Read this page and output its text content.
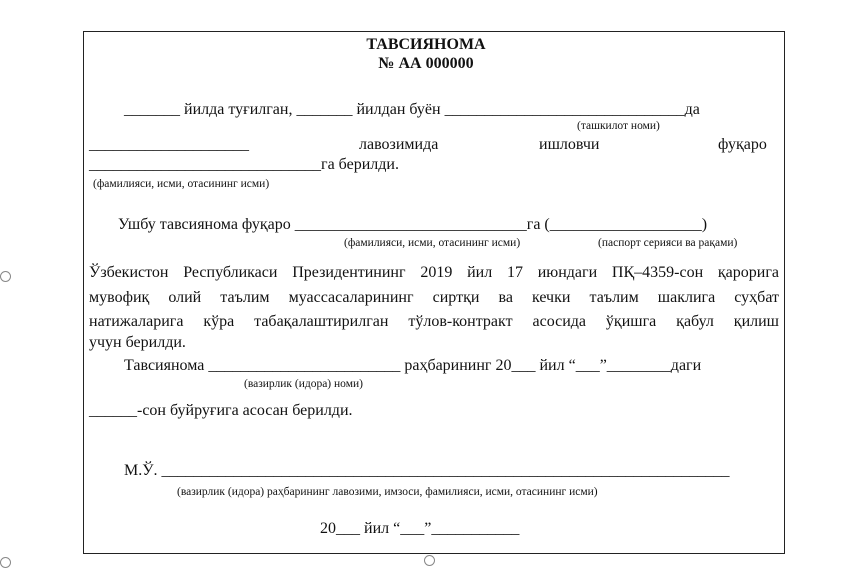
ТАВСИЯНОМА
№ АА 000000
_______ йилда туғилган, _______ йилдан буён ______________________________да
(ташкилот номи)
____________________	лавозимида	ишловчи	фуқаро
_____________________________га берилди.
(фамилияси, исми, отасининг исми)
Ушбу тавсиянома фуқаро _____________________________га (___________________)
(фамилияси, исми, отасининг исми)	(паспорт серияси ва рақами)
Ўзбекистон Республикаси Президентининг 2019 йил 17 июндаги ПҚ–4359-сон қарорига
мувофиқ олий таълим муассасаларининг сиртқи ва кечки таълим шаклига суҳбат
натижаларига кўра табақалаштирилган тўлов-контракт асосида ўқишга қабул қилиш
учун берилди.
Тавсиянома ________________________ раҳбарининг 20___ йил “___”________даги
(вазирлик (идора) номи)
______-сон буйруғига асосан берилди.
М.Ў. _______________________________________________________________________
(вазирлик (идора) раҳбарининг лавозими, имзоси, фамилияси, исми, отасининг исми)
20___ йил “___”___________
